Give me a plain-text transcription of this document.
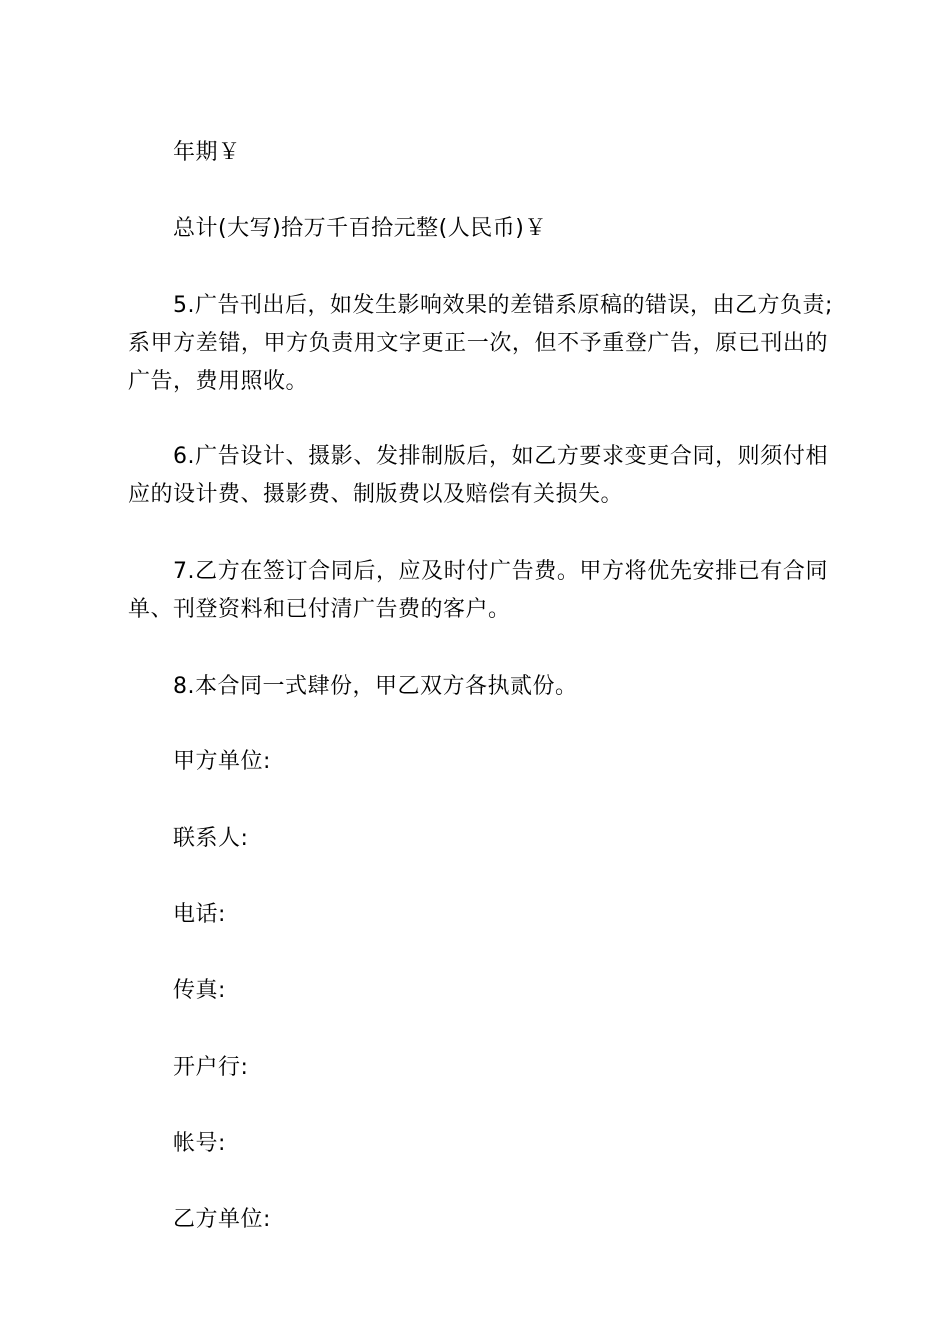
年期￥

总计(大写)拾万千百拾元整(人民币)￥

5.广告刊出后，如发生影响效果的差错系原稿的错误，由乙方负责;
系甲方差错，甲方负责用文字更正一次，但不予重登广告，原已刊出的
广告，费用照收。
6.广告设计、摄影、发排制版后，如乙方要求变更合同，则须付相
应的设计费、摄影费、制版费以及赔偿有关损失。
7.乙方在签订合同后，应及时付广告费。甲方将优先安排已有合同
单、刊登资料和已付清广告费的客户。

8.本合同一式肆份，甲乙双方各执贰份。

甲方单位:

联系人:

电话:

传真:

开户行:

帐号:

乙方单位:
